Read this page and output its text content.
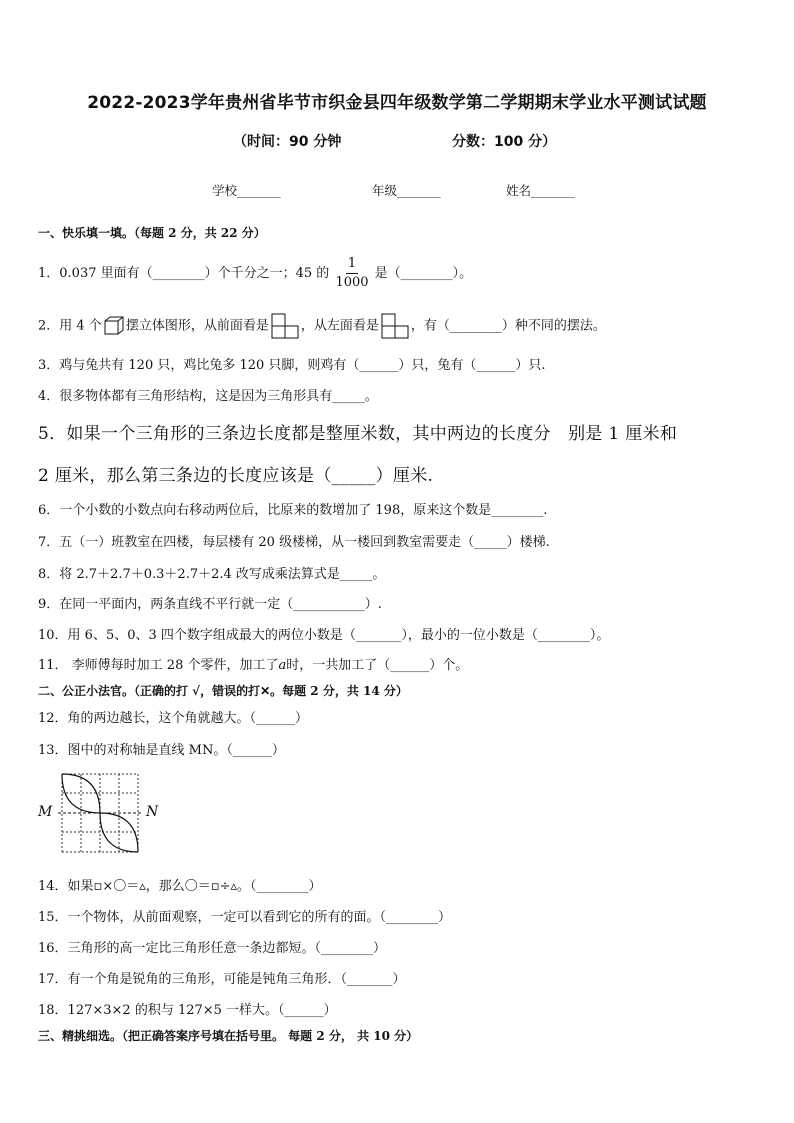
2022-2023学年贵州省毕节市织金县四年级数学第二学期期末学业水平测试试题
（时间：90 分钟	分数：100 分）
学校_______	年级_______	姓名_______
一、快乐填一填。（每题 2 分，共 22 分）
1．0.037 里面有（________）个千分之一；45 的 $\frac{1}{1000}$ 是（________）。
2．用 4 个 摆立体图形，从前面看是 ，从左面看是 ，有（________）种不同的摆法。
3．鸡与兔共有 120 只，鸡比兔多 120 只脚，则鸡有（______）只，兔有（______）只.
4．很多物体都有三角形结构，这是因为三角形具有_____。
5．如果一个三角形的三条边长度都是整厘米数，其中两边的长度分　别是 1 厘米和
2 厘米，那么第三条边的长度应该是（_____）厘米.
6．一个小数的小数点向右移动两位后，比原来的数增加了 198，原来这个数是________.
7．五（一）班教室在四楼，每层楼有 20 级楼梯，从一楼回到教室需要走（_____）楼梯.
8．将 2.7＋2.7＋0.3＋2.7＋2.4 改写成乘法算式是_____。
9．在同一平面内，两条直线不平行就一定（___________）.
10．用 6、5、0、3 四个数字组成最大的两位小数是（_______），最小的一位小数是（________）。
11． 李师傅每时加工 28 个零件，加工了a时，一共加工了（______）个。
二、公正小法官。（正确的打 √，错误的打✕。每题 2 分，共 14 分）
12．角的两边越长，这个角就越大。（______）
13．图中的对称轴是直线 MN。（______）
M	N
14．如果▫×〇＝▵，那么〇＝▫÷▵。（________）
15．一个物体，从前面观察，一定可以看到它的所有的面。（________）
16．三角形的高一定比三角形任意一条边都短。（________）
17．有一个角是锐角的三角形，可能是钝角三角形．（_______）
18．127×3×2 的积与 127×5 一样大。（______）
三、精挑细选。（把正确答案序号填在括号里。 每题 2 分， 共 10 分）
